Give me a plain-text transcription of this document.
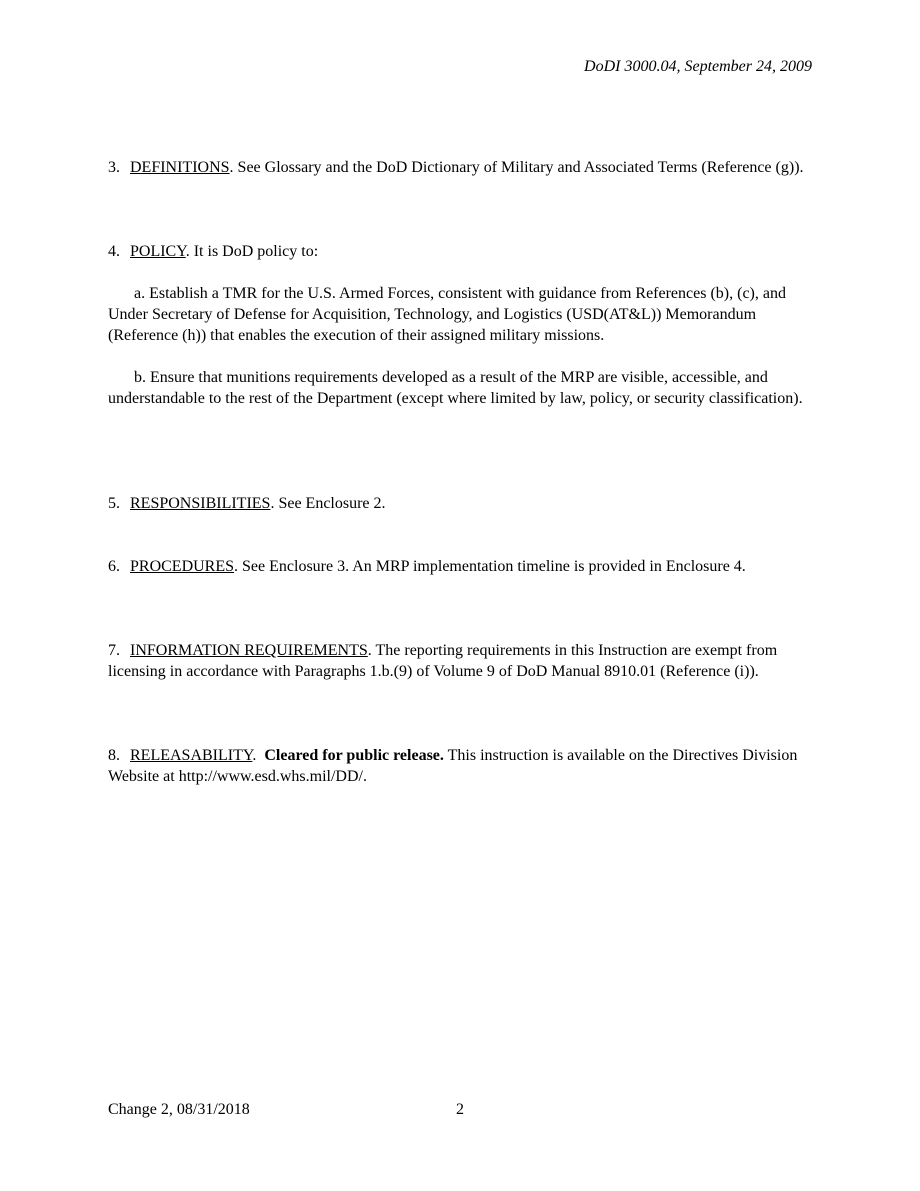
DoDI 3000.04, September 24, 2009

3. DEFINITIONS. See Glossary and the DoD Dictionary of Military and Associated Terms (Reference (g)).

4. POLICY. It is DoD policy to:

a. Establish a TMR for the U.S. Armed Forces, consistent with guidance from References (b), (c), and Under Secretary of Defense for Acquisition, Technology, and Logistics (USD(AT&L)) Memorandum (Reference (h)) that enables the execution of their assigned military missions.

b. Ensure that munitions requirements developed as a result of the MRP are visible, accessible, and understandable to the rest of the Department (except where limited by law, policy, or security classification).

5. RESPONSIBILITIES. See Enclosure 2.

6. PROCEDURES. See Enclosure 3. An MRP implementation timeline is provided in Enclosure 4.

7. INFORMATION REQUIREMENTS. The reporting requirements in this Instruction are exempt from licensing in accordance with Paragraphs 1.b.(9) of Volume 9 of DoD Manual 8910.01 (Reference (i)).

8. RELEASABILITY.  Cleared for public release. This instruction is available on the Directives Division Website at http://www.esd.whs.mil/DD/.

Change 2, 08/31/2018	2
